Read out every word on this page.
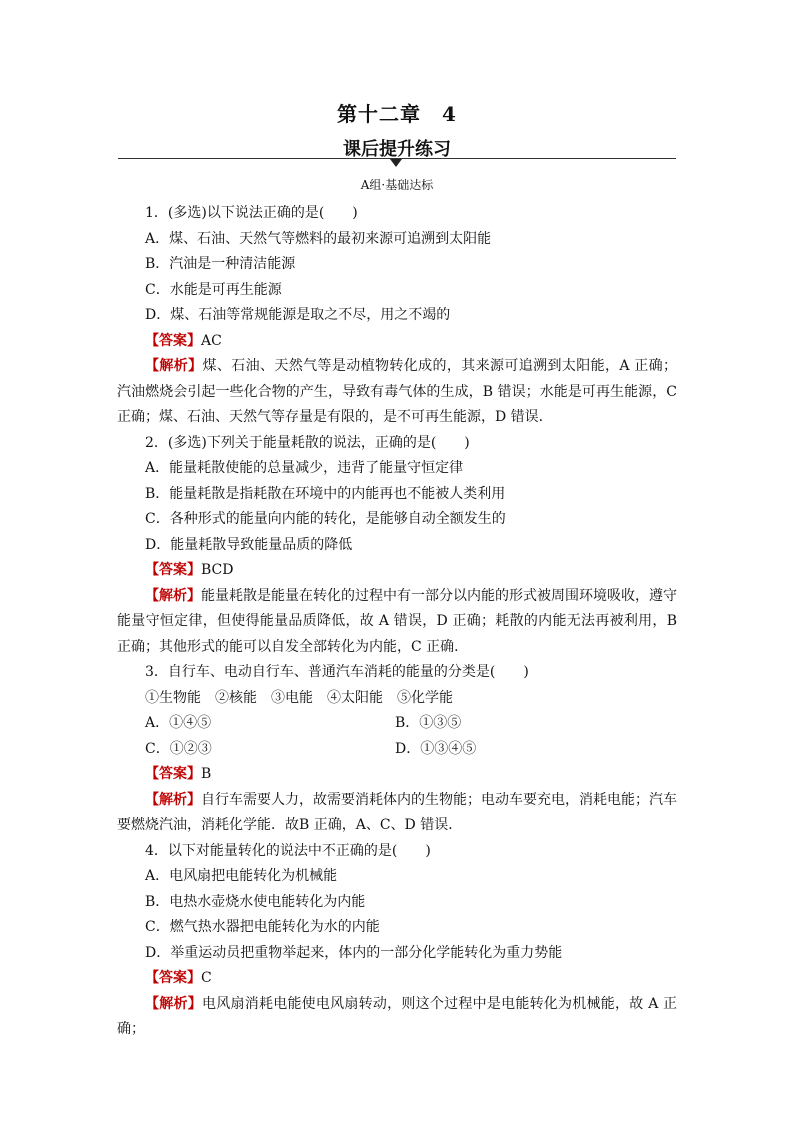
第十二章　4
课后提升练习
A组·基础达标
1．(多选)以下说法正确的是(　　)
A．煤、石油、天然气等燃料的最初来源可追溯到太阳能
B．汽油是一种清洁能源
C．水能是可再生能源
D．煤、石油等常规能源是取之不尽，用之不竭的
【答案】AC
【解析】煤、石油、天然气等是动植物转化成的，其来源可追溯到太阳能，A 正确；汽油燃烧会引起一些化合物的产生，导致有毒气体的生成，B 错误；水能是可再生能源，C 正确；煤、石油、天然气等存量是有限的，是不可再生能源，D 错误．
2．(多选)下列关于能量耗散的说法，正确的是(　　)
A．能量耗散使能的总量减少，违背了能量守恒定律
B．能量耗散是指耗散在环境中的内能再也不能被人类利用
C．各种形式的能量向内能的转化，是能够自动全额发生的
D．能量耗散导致能量品质的降低
【答案】BCD
【解析】能量耗散是能量在转化的过程中有一部分以内能的形式被周围环境吸收，遵守能量守恒定律，但使得能量品质降低，故 A 错误，D 正确；耗散的内能无法再被利用，B 正确；其他形式的能可以自发全部转化为内能，C 正确．
3．自行车、电动自行车、普通汽车消耗的能量的分类是(　　)
①生物能　②核能　③电能　④太阳能　⑤化学能
A．①④⑤	B．①③⑤
C．①②③	D．①③④⑤
【答案】B
【解析】自行车需要人力，故需要消耗体内的生物能；电动车要充电，消耗电能；汽车要燃烧汽油，消耗化学能．故B 正确，A、C、D 错误．
4．以下对能量转化的说法中不正确的是(　　)
A．电风扇把电能转化为机械能
B．电热水壶烧水使电能转化为内能
C．燃气热水器把电能转化为水的内能
D．举重运动员把重物举起来，体内的一部分化学能转化为重力势能
【答案】C
【解析】电风扇消耗电能使电风扇转动，则这个过程中是电能转化为机械能，故 A 正确；
